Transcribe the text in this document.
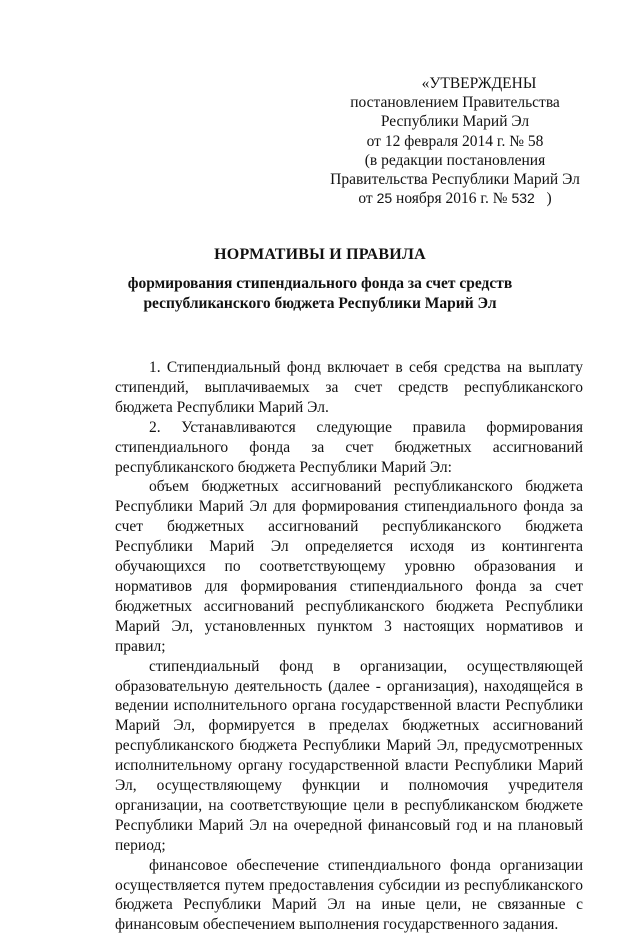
«УТВЕРЖДЕНЫ
постановлением Правительства
Республики Марий Эл
от 12 февраля 2014 г. № 58
(в редакции постановления
Правительства Республики Марий Эл
от 25 ноября 2016 г. № 532 )
НОРМАТИВЫ И ПРАВИЛА
формирования стипендиального фонда за счет средств
республиканского бюджета Республики Марий Эл

1. Стипендиальный фонд включает в себя средства на выплату стипендий, выплачиваемых за счет средств республиканского бюджета Республики Марий Эл.

2. Устанавливаются следующие правила формирования стипендиального фонда за счет бюджетных ассигнований республиканского бюджета Республики Марий Эл:

объем бюджетных ассигнований республиканского бюджета Республики Марий Эл для формирования стипендиального фонда за счет бюджетных ассигнований республиканского бюджета Республики Марий Эл определяется исходя из контингента обучающихся по соответствующему уровню образования и нормативов для формирования стипендиального фонда за счет бюджетных ассигнований республиканского бюджета Республики Марий Эл, установленных пунктом 3 настоящих нормативов и правил;

стипендиальный фонд в организации, осуществляющей образовательную деятельность (далее - организация), находящейся в ведении исполнительного органа государственной власти Республики Марий Эл, формируется в пределах бюджетных ассигнований республиканского бюджета Республики Марий Эл, предусмотренных исполнительному органу государственной власти Республики Марий Эл, осуществляющему функции и полномочия учредителя организации, на соответствующие цели в республиканском бюджете Республики Марий Эл на очередной финансовый год и на плановый период;

финансовое обеспечение стипендиального фонда организации осуществляется путем предоставления субсидии из республиканского бюджета Республики Марий Эл на иные цели, не связанные с финансовым обеспечением выполнения государственного задания.
